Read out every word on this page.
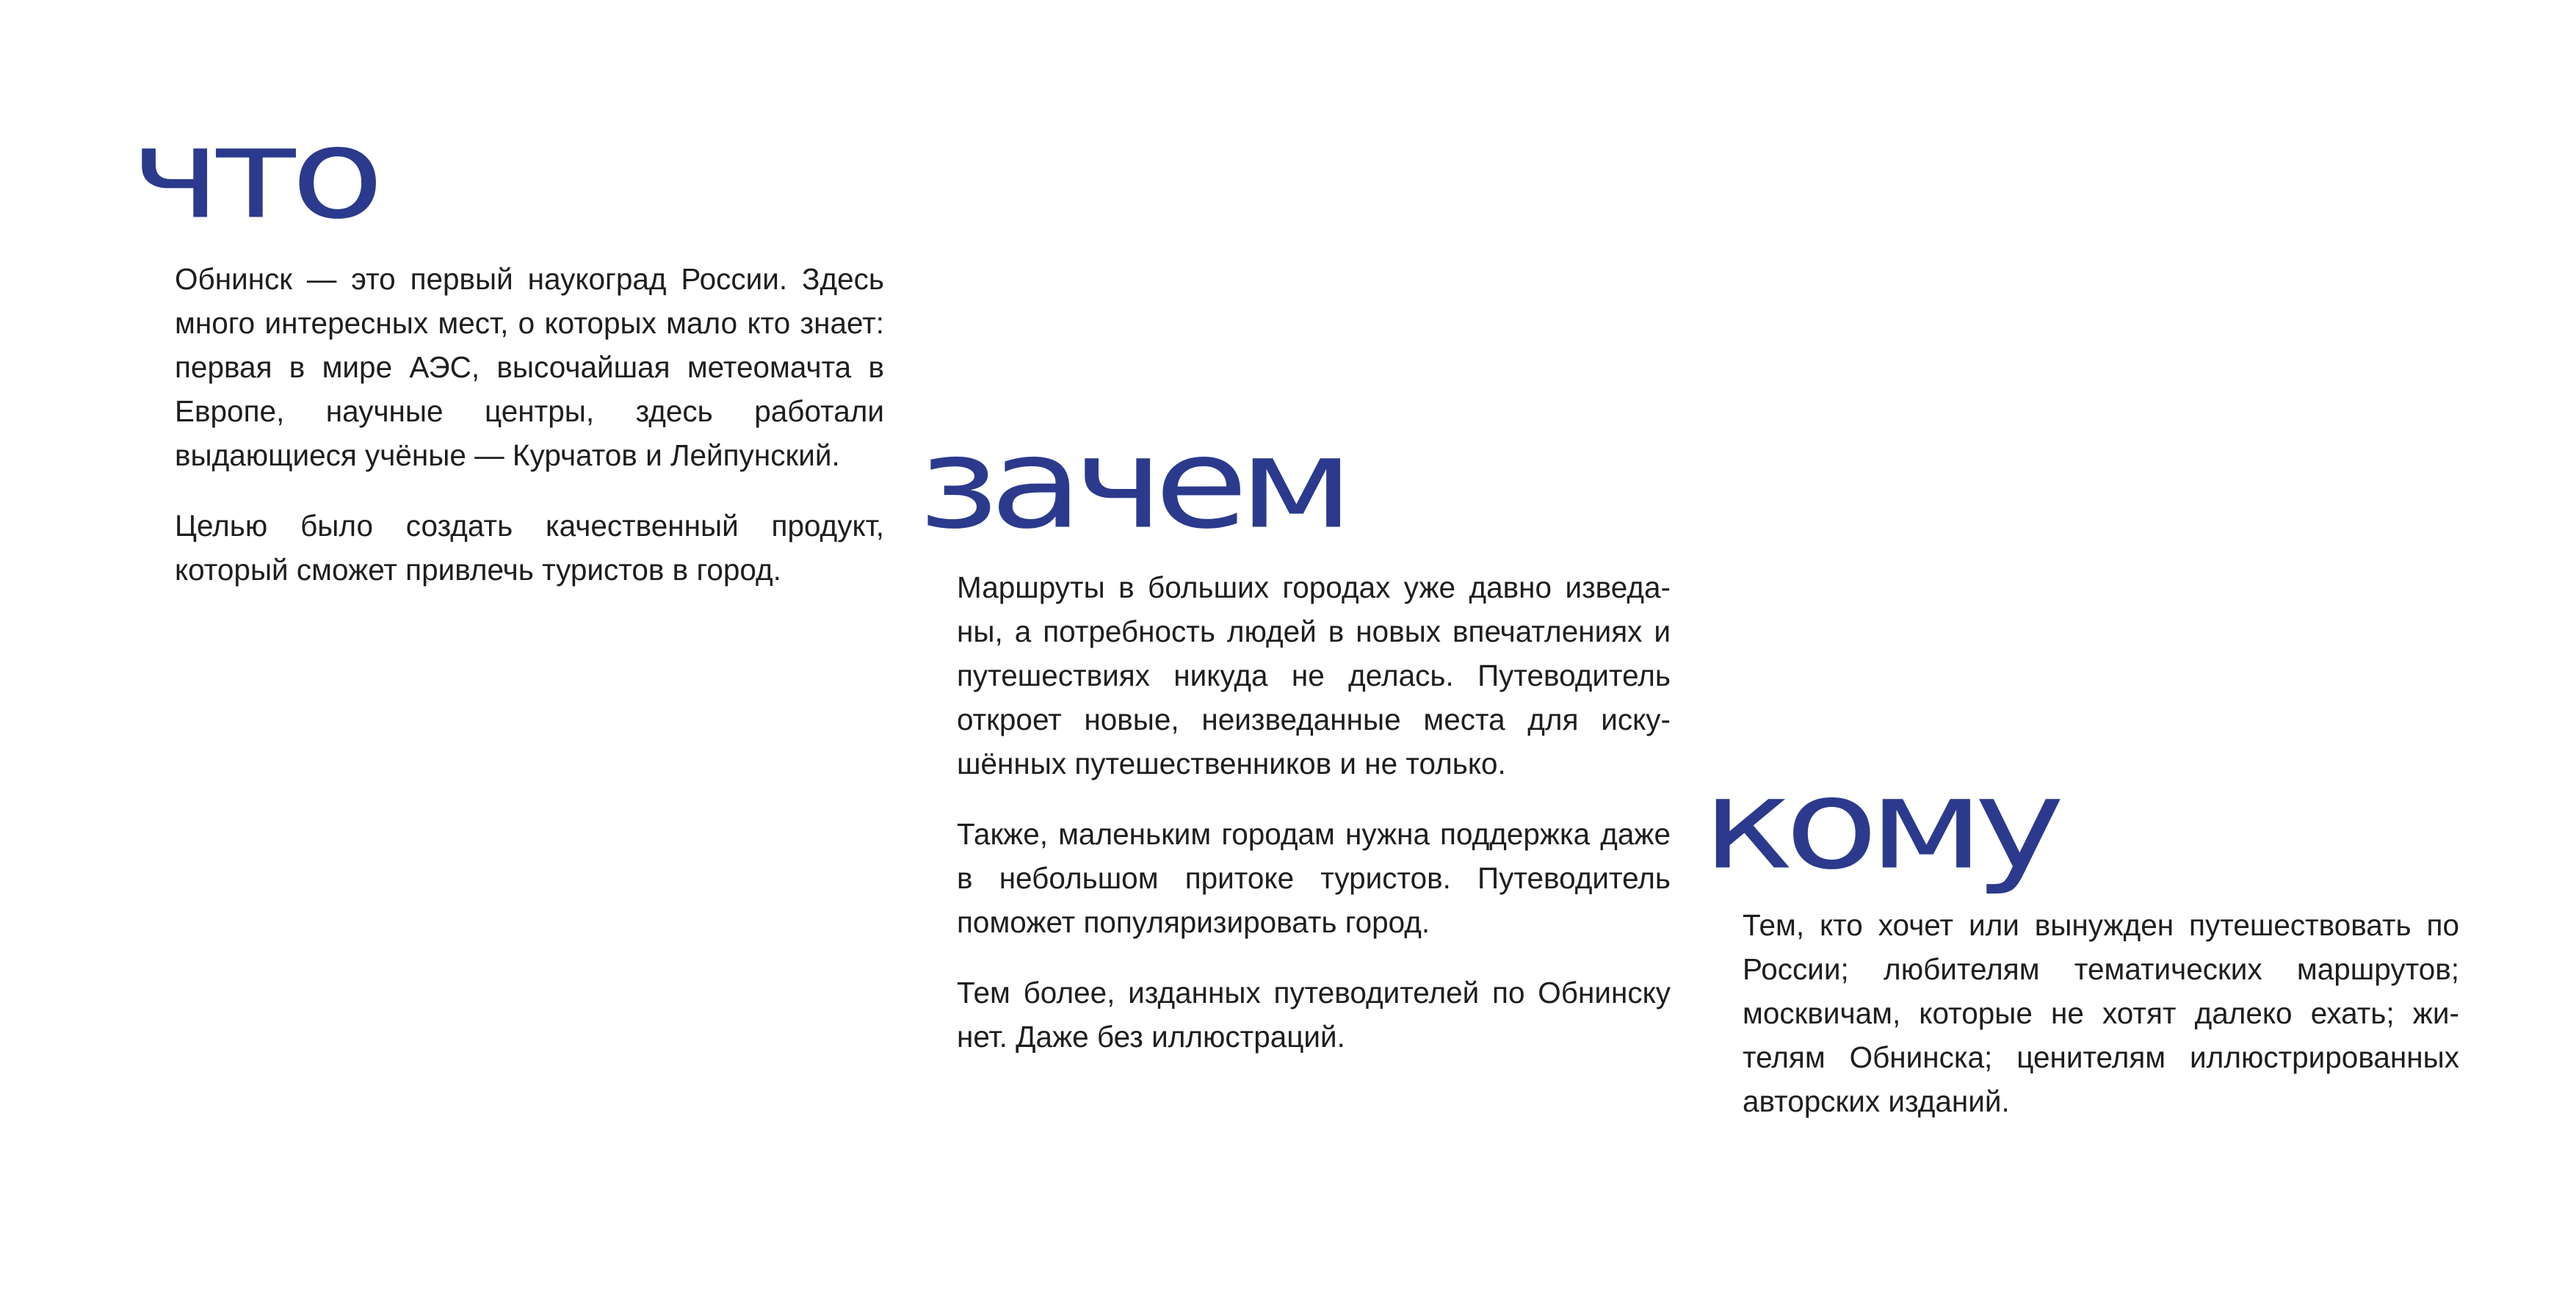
что

Обнинск — это первый наукоград России. Здесь много интересных мест, о которых мало кто знает: первая в мире АЭС, высочайшая метеомачта в Европе, научные центры, здесь работали выдающиеся учёные — Курчатов и Лейпунский.

Целью было создать качественный продукт, который сможет привлечь туристов в город.

зачем

Маршруты в больших городах уже давно изведаны, а потребность людей в новых впечатлениях и путешествиях никуда не делась. Путеводитель откроет новые, неизведанные места для искушённых путешественников и не только.

Также, маленьким городам нужна поддержка даже в небольшом притоке туристов. Путеводитель поможет популяризировать город.

Тем более, изданных путеводителей по Обнинску нет. Даже без иллюстраций.

кому

Тем, кто хочет или вынужден путешествовать по России; любителям тематических маршрутов; москвичам, которые не хотят далеко ехать; жителям Обнинска; ценителям иллюстрированных авторских изданий.
